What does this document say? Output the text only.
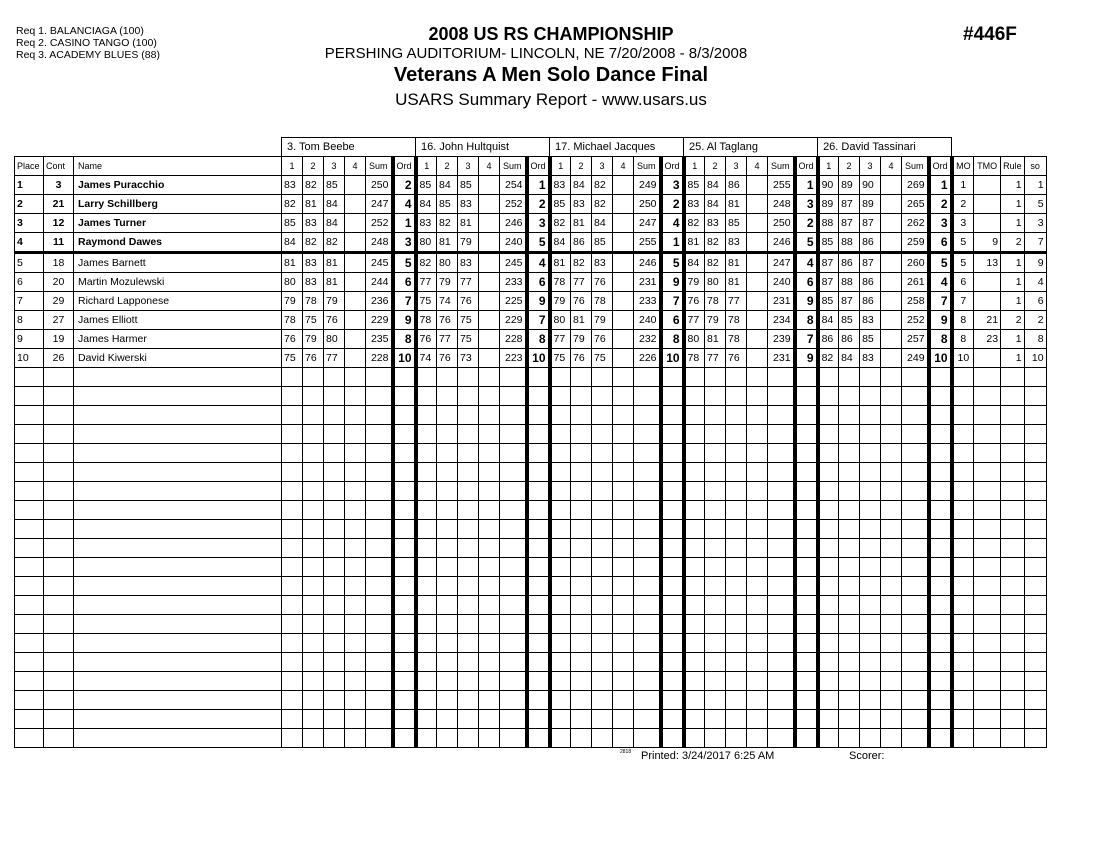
Req 1. BALANCIAGA (100)
Req 2. CASINO TANGO (100)
Req 3. ACADEMY BLUES (88)
2008 US RS CHAMPIONSHIP
PERSHING AUDITORIUM- LINCOLN, NE 7/20/2008 - 8/3/2008
Veterans A Men Solo Dance Final
USARS Summary Report - www.usars.us
#446F
			3. Tom Beebe						16. John Hultquist						17. Michael Jacques						25. Al Taglang						26. David Tassinari									
Place	Cont	Name	1	2	3	4	Sum	Ord	1	2	3	4	Sum	Ord	1	2	3	4	Sum	Ord	1	2	3	4	Sum	Ord	1	2	3	4	Sum	Ord	MO	TMO	Rule	so
1	3	James Puracchio	83	82	85		250	2	85	84	85		254	1	83	84	82		249	3	85	84	86		255	1	90	89	90		269	1	1		1	1
2	21	Larry Schillberg	82	81	84		247	4	84	85	83		252	2	85	83	82		250	2	83	84	81		248	3	89	87	89		265	2	2		1	5
3	12	James Turner	85	83	84		252	1	83	82	81		246	3	82	81	84		247	4	82	83	85		250	2	88	87	87		262	3	3		1	3
4	11	Raymond Dawes	84	82	82		248	3	80	81	79		240	5	84	86	85		255	1	81	82	83		246	5	85	88	86		259	6	5	9	2	7
5	18	James Barnett	81	83	81		245	5	82	80	83		245	4	81	82	83		246	5	84	82	81		247	4	87	86	87		260	5	5	13	1	9
6	20	Martin Mozulewski	80	83	81		244	6	77	79	77		233	6	78	77	76		231	9	79	80	81		240	6	87	88	86		261	4	6		1	4
7	29	Richard Lapponese	79	78	79		236	7	75	74	76		225	9	79	76	78		233	7	76	78	77		231	9	85	87	86		258	7	7		1	6
8	27	James Elliott	78	75	76		229	9	78	76	75		229	7	80	81	79		240	6	77	79	78		234	8	84	85	83		252	9	8	21	2	2
9	19	James Harmer	76	79	80		235	8	76	77	75		228	8	77	79	76		232	8	80	81	78		239	7	86	86	85		257	8	8	23	1	8
10	26	David Kiwerski	75	76	77		228	10	74	76	73		223	10	75	76	75		226	10	78	77	76		231	9	82	84	83		249	10	10		1	10

2818 Printed: 3/24/2017 6:25 AM	Scorer:
